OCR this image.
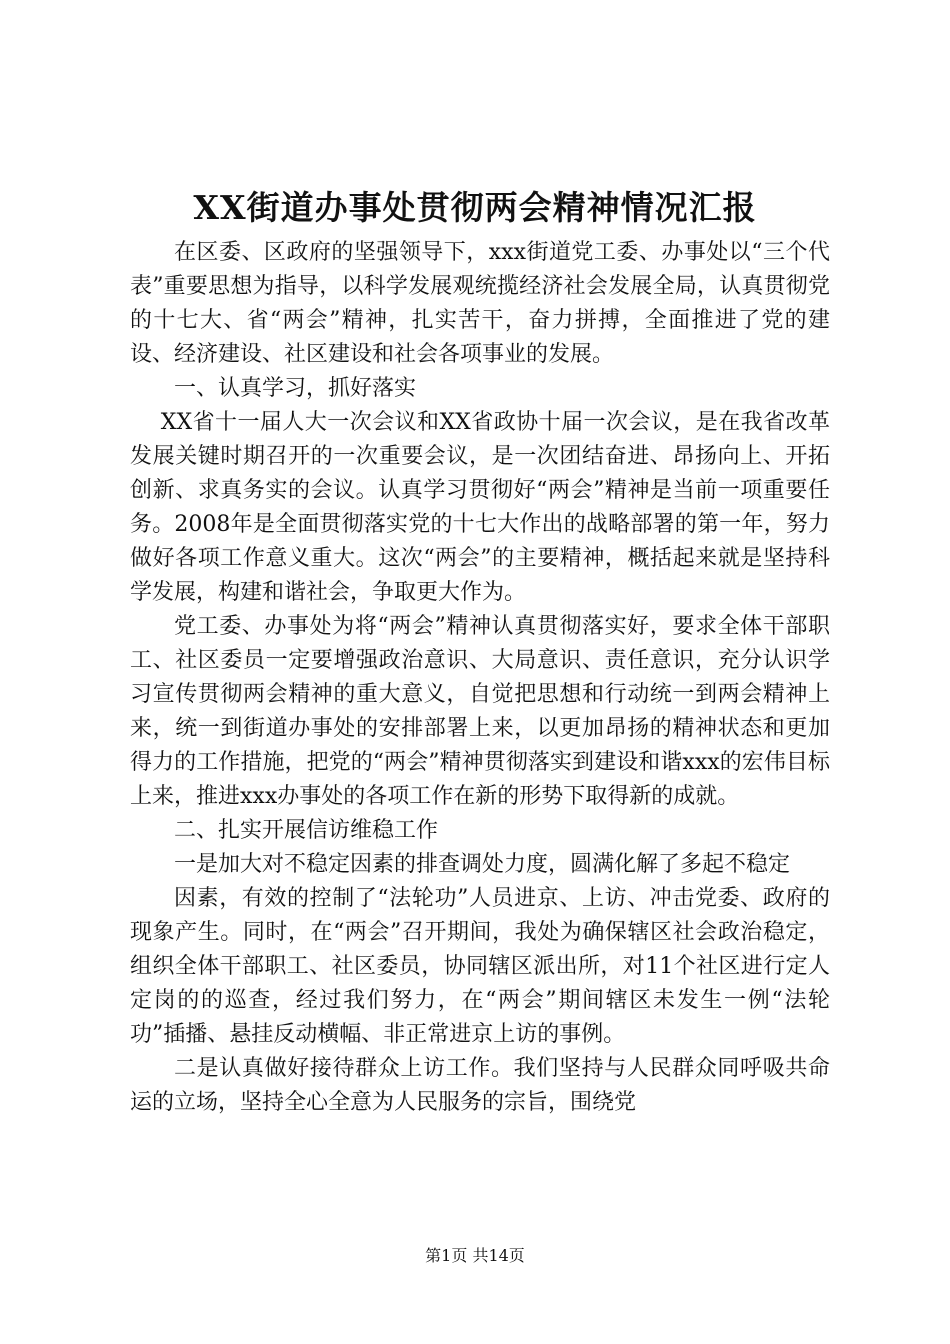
XX街道办事处贯彻两会精神情况汇报

在区委、区政府的坚强领导下，xxx街道党工委、办事处以“三个代表”重要思想为指导，以科学发展观统揽经济社会发展全局，认真贯彻党的十七大、省“两会”精神，扎实苦干，奋力拼搏，全面推进了党的建设、经济建设、社区建设和社会各项事业的发展。

一、认真学习，抓好落实

XX省十一届人大一次会议和XX省政协十届一次会议，是在我省改革发展关键时期召开的一次重要会议，是一次团结奋进、昂扬向上、开拓创新、求真务实的会议。认真学习贯彻好“两会”精神是当前一项重要任务。2008年是全面贯彻落实党的十七大作出的战略部署的第一年，努力做好各项工作意义重大。这次“两会”的主要精神，概括起来就是坚持科学发展，构建和谐社会，争取更大作为。

党工委、办事处为将“两会”精神认真贯彻落实好，要求全体干部职工、社区委员一定要增强政治意识、大局意识、责任意识，充分认识学习宣传贯彻两会精神的重大意义，自觉把思想和行动统一到两会精神上来，统一到街道办事处的安排部署上来，以更加昂扬的精神状态和更加得力的工作措施，把党的“两会”精神贯彻落实到建设和谐xxx的宏伟目标上来，推进xxx办事处的各项工作在新的形势下取得新的成就。

二、扎实开展信访维稳工作

一是加大对不稳定因素的排查调处力度，圆满化解了多起不稳定

因素，有效的控制了“法轮功”人员进京、上访、冲击党委、政府的现象产生。同时，在“两会”召开期间，我处为确保辖区社会政治稳定，组织全体干部职工、社区委员，协同辖区派出所，对11个社区进行定人定岗的的巡查，经过我们努力，在“两会”期间辖区未发生一例“法轮功”插播、悬挂反动横幅、非正常进京上访的事例。

二是认真做好接待群众上访工作。我们坚持与人民群众同呼吸共命运的立场，坚持全心全意为人民服务的宗旨，围绕党

第1页 共14页
